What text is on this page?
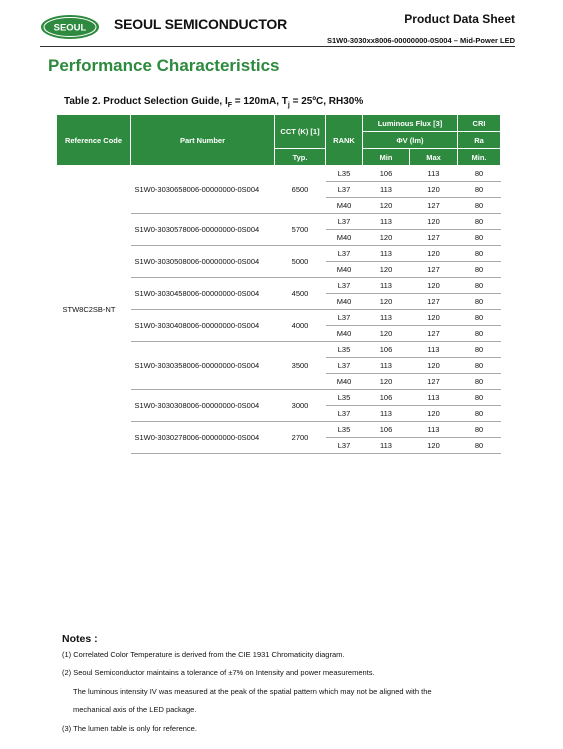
SEOUL SEOUL SEMICONDUCTOR	Product Data Sheet
S1W0-3030xx8006-00000000-0S004 – Mid-Power LED
Performance Characteristics
Table 2. Product Selection Guide, $I_F = 120mA$, $T_j$ = 25ºC, RH30%
Reference Code	Part Number	CCT (K) [1]	RANK	Luminous Flux [3]		CRI
				ΦV (lm)		Ra
		Typ.		Min	Max	Min.
STW8C2SB-NT	S1W0-3030658006-00000000-0S004	6500	L35	106	113	80
			L37	113	120	80
			M40	120	127	80
	S1W0-3030578006-00000000-0S004	5700	L37	113	120	80
			M40	120	127	80
	S1W0-3030508006-00000000-0S004	5000	L37	113	120	80
			M40	120	127	80
	S1W0-3030458006-00000000-0S004	4500	L37	113	120	80
			M40	120	127	80
	S1W0-3030408006-00000000-0S004	4000	L37	113	120	80
			M40	120	127	80
	S1W0-3030358006-00000000-0S004	3500	L35	106	113	80
			L37	113	120	80
			M40	120	127	80
	S1W0-3030308006-00000000-0S004	3000	L35	106	113	80
			L37	113	120	80
	S1W0-3030278006-00000000-0S004	2700	L35	106	113	80
			L37	113	120	80
Notes :
(1) Correlated Color Temperature is derived from the CIE 1931 Chromaticity diagram.
(2) Seoul Semiconductor maintains a tolerance of ±7% on Intensity and power measurements.
The luminous intensity IV was measured at the peak of the spatial pattern which may not be aligned with the
mechanical axis of the LED package.
(3) The lumen table is only for reference.
